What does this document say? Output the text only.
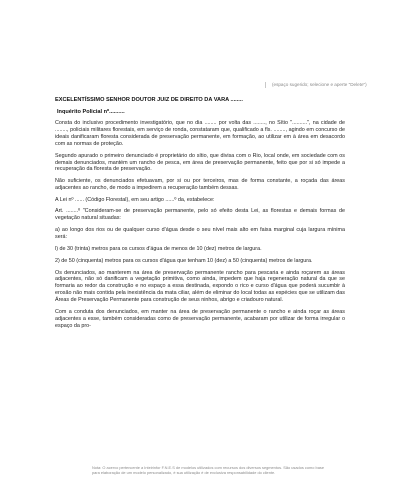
(espaço sugerido; selecione e aperte "Delete")
EXCELENTÍSSIMO SENHOR DOUTOR JUIZ DE DIREITO DA VARA ........
Inquérito Policial nº..........

Consta do inclusivo procedimento investigatório, que no dia ........ por volta das ........, no Sítio "..........", na cidade de ........, policiais militares florestais, em serviço de ronda, constataram que, qualificado a fls. ........, agindo em concurso de ideais danificaram floresta considerada de preservação permanente, em formação, ao utilizar em à área em desacordo com as normas de proteção.

Segundo apurado o primeiro denunciado é proprietário do sítio, que divisa com o Rio, local onde, em sociedade com os demais denunciados, mantém um rancho de pesca, em área de preservação permanente, feito que por si só impede a recuperação da floresta de preservação.

Não suficiente, os denunciados efetuavam, por si ou por terceiros, mas de forma constante, a roçada das áreas adjacentes ao rancho, de modo a impedirem a recuperação também dessas.

A Lei nº ...... (Código Florestal), em seu artigo ......º da, estabelece:

Art. ........º "Consideram-se de preservação permanente, pelo só efeito desta Lei, as florestas e demais formas de vegetação natural situadas:

a) ao longo dos rios ou de qualquer curso d'água desde o seu nível mais alto em faixa marginal cuja largura mínima será:

l) de 30 (trinta) metros para os cursos d'água de menos de 10 (dez) metros de largura.

2) de 50 (cinquenta) metros para os cursos d'água que tenham 10 (dez) a 50 (cinquenta) metros de largura.

Os denunciados, ao manterem na área de preservação permanente rancho para pescaria e ainda roçarem as áreas adjacentes, não só danificam a vegetação primitiva, como ainda, impedem que haja regeneração natural da que se formaria ao redor da construção e no espaço a essa destinada, expondo o rico e curso d'água que poderá sucumbir à erosão não mais contida pela inexistência da mata ciliar, além de eliminar do local todas as espécies que se utilizam das Áreas de Preservação Permanente para construção de seus ninhos, abrigo e criadouro natural.

Com a conduta dos denunciados, em manter na área de preservação permanente o rancho e ainda roçar as áreas adjacentes a esse, também consideradas como de preservação permanente, acabaram por utilizar de forma irregular o espaço da pro-

Nota: O acervo pertencente a Inteirinfor F.N.E.S de modelos utilizados com recursos dos diversos segmentos. São usados como base para elaboração de um modelo personalizado, é sua utilização é de exclusiva responsabilidade do cliente.
